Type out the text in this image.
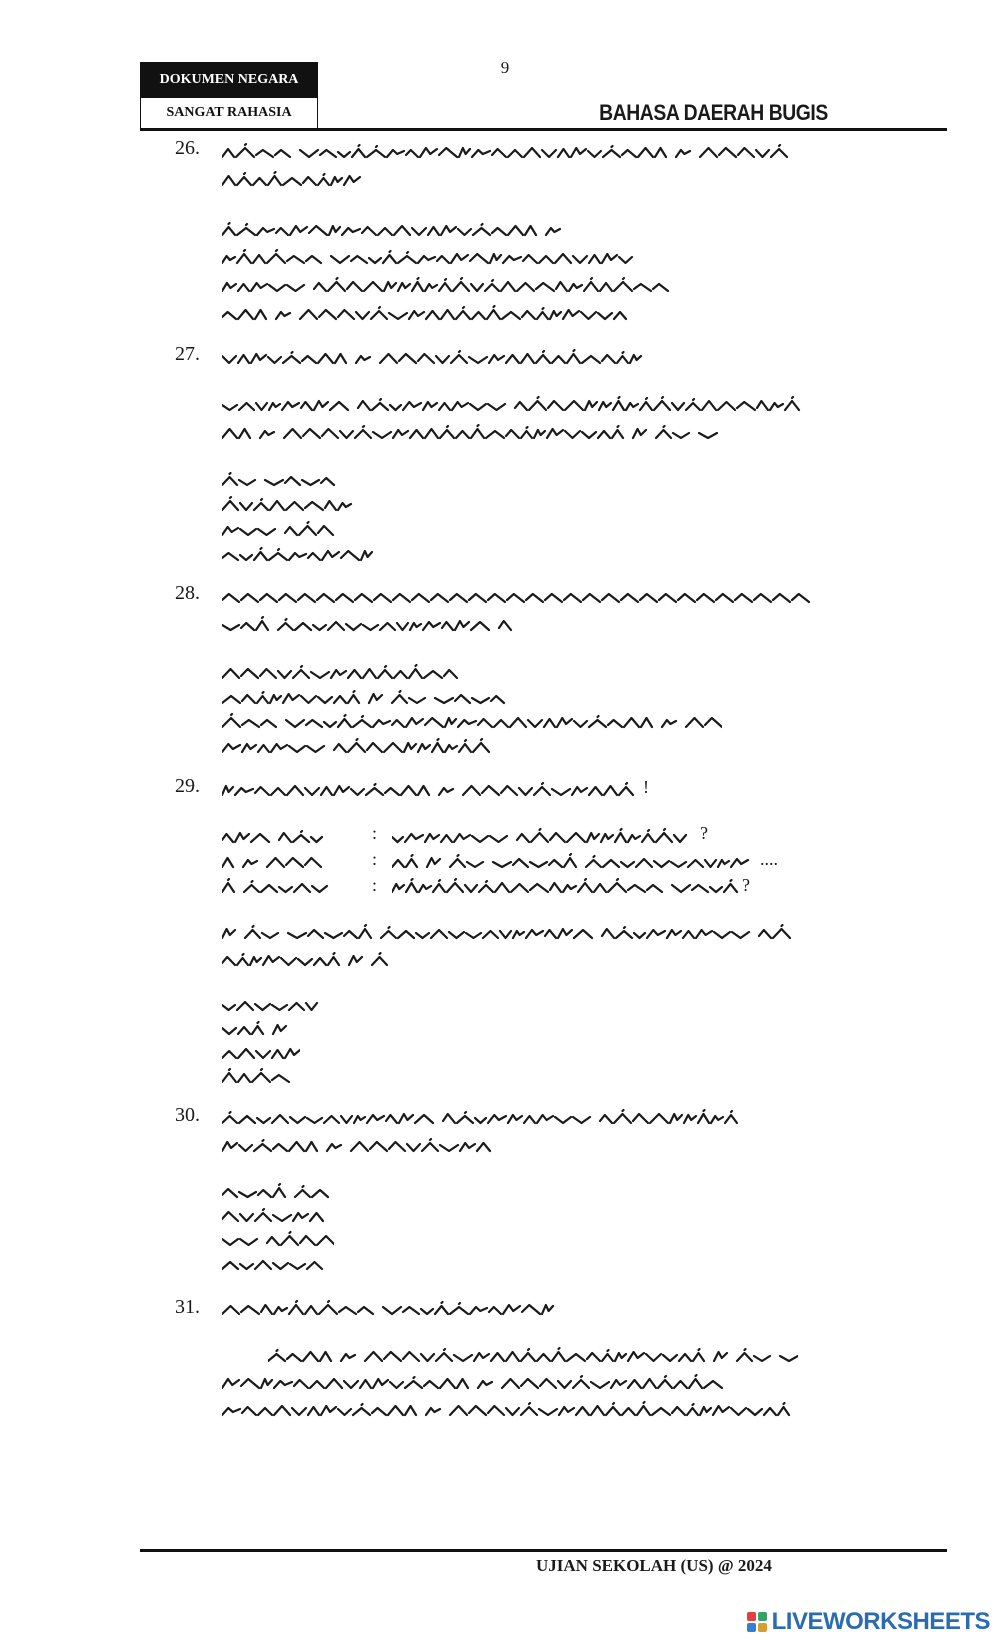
DOKUMEN NEGARA
SANGAT RAHASIA
9
BAHASA DAERAH BUGIS
26.
27.
28.
29.
30.
31.
:
:
:
?
....
?
!
UJIAN SEKOLAH (US) @ 2024
LIVEWORKSHEETS
